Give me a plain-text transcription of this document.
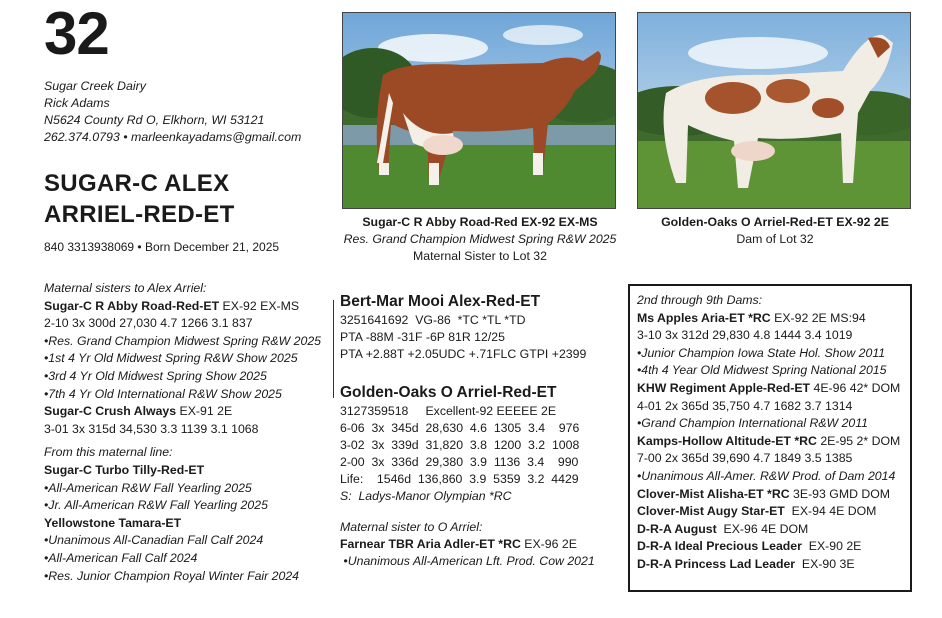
32
Sugar Creek Dairy
Rick Adams
N5624 County Rd O, Elkhorn, WI 53121
262.374.0793 • marleenkayadams@gmail.com
SUGAR-C ALEX
ARRIEL-RED-ET
840 3313938069 • Born December 21, 2025
Maternal sisters to Alex Arriel:
Sugar-C R Abby Road-Red-ET EX-92 EX-MS
2-10 3x 300d 27,030 4.7 1266 3.1 837
•Res. Grand Champion Midwest Spring R&W 2025
•1st 4 Yr Old Midwest Spring R&W Show 2025
•3rd 4 Yr Old Midwest Spring Show 2025
•7th 4 Yr Old International R&W Show 2025
Sugar-C Crush Always EX-91 2E
3-01 3x 315d 34,530 3.3 1139 3.1 1068
From this maternal line:
Sugar-C Turbo Tilly-Red-ET
•All-American R&W Fall Yearling 2025
•Jr. All-American R&W Fall Yearling 2025
Yellowstone Tamara-ET
•Unanimous All-Canadian Fall Calf 2024
•All-American Fall Calf 2024
•Res. Junior Champion Royal Winter Fair 2024
Sugar-C R Abby Road-Red EX-92 EX-MS
Res. Grand Champion Midwest Spring R&W 2025
Maternal Sister to Lot 32
Golden-Oaks O Arriel-Red-ET EX-92 2E
Dam of Lot 32
Bert-Mar Mooi Alex-Red-ET
3251641692  VG-86  *TC *TL *TD
PTA -88M -31F -6P 81R 12/25
PTA +2.88T +2.05UDC +.71FLC GTPI +2399
Golden-Oaks O Arriel-Red-ET
3127359518     Excellent-92 EEEEE 2E
6-06  3x  345d  28,630  4.6  1305  3.4    976
3-02  3x  339d  31,820  3.8  1200  3.2  1008
2-00  3x  336d  29,380  3.9  1136  3.4    990
Life:    1546d  136,860  3.9  5359  3.2  4429
S:  Ladys-Manor Olympian *RC
Maternal sister to O Arriel:
Farnear TBR Aria Adler-ET *RC EX-96 2E
•Unanimous All-American Lft. Prod. Cow 2021
2nd through 9th Dams:
Ms Apples Aria-ET *RC EX-92 2E MS:94
3-10 3x 312d 29,830 4.8 1444 3.4 1019
•Junior Champion Iowa State Hol. Show 2011
•4th 4 Year Old Midwest Spring National 2015
KHW Regiment Apple-Red-ET 4E-96 42* DOM
4-01 2x 365d 35,750 4.7 1682 3.7 1314
•Grand Champion International R&W 2011
Kamps-Hollow Altitude-ET *RC 2E-95 2* DOM
7-00 2x 365d 39,690 4.7 1849 3.5 1385
•Unanimous All-Amer. R&W Prod. of Dam 2014
Clover-Mist Alisha-ET *RC 3E-93 GMD DOM
Clover-Mist Augy Star-ET  EX-94 4E DOM
D-R-A August  EX-96 4E DOM
D-R-A Ideal Precious Leader  EX-90 2E
D-R-A Princess Lad Leader  EX-90 3E
